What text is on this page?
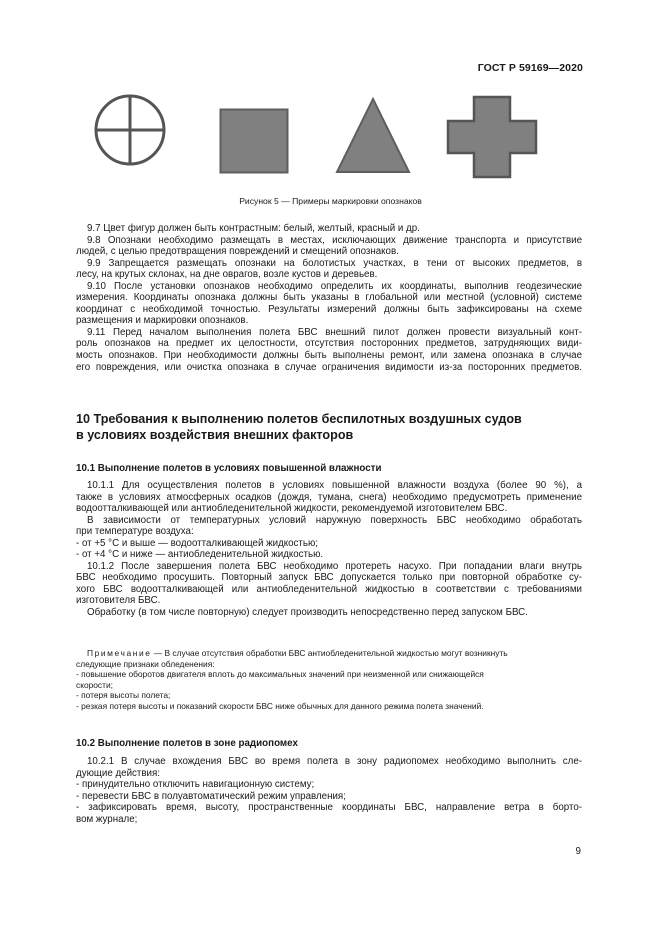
ГОСТ Р 59169—2020
Рисунок 5 — Примеры маркировки опознаков
9.7 Цвет фигур должен быть контрастным: белый, желтый, красный и др.
9.8 Опознаки необходимо размещать в местах, исключающих движение транспорта и присутствие
людей, с целью предотвращения повреждений и смещений опознаков.
9.9 Запрещается размещать опознаки на болотистых участках, в тени от высоких предметов, в
лесу, на крутых склонах, на дне оврагов, возле кустов и деревьев.
9.10 После установки опознаков необходимо определить их координаты, выполнив геодезические
измерения. Координаты опознака должны быть указаны в глобальной или местной (условной) системе
координат с необходимой точностью. Результаты измерений должны быть зафиксированы на схеме
размещения и маркировки опознаков.
9.11 Перед началом выполнения полета БВС внешний пилот должен провести визуальный конт-
роль опознаков на предмет их целостности, отсутствия посторонних предметов, затрудняющих види-
мость опознаков. При необходимости должны быть выполнены ремонт, или замена опознака в случае
его повреждения, или очистка опознака в случае ограничения видимости из-за посторонних предметов.
10 Требования к выполнению полетов беспилотных воздушных судов
в условиях воздействия внешних факторов
10.1 Выполнение полетов в условиях повышенной влажности
10.1.1 Для осуществления полетов в условиях повышенной влажности воздуха (более 90 %), а
также в условиях атмосферных осадков (дождя, тумана, снега) необходимо предусмотреть применение
водоотталкивающей или антиобледенительной жидкости, рекомендуемой изготовителем БВС.
В зависимости от температурных условий наружную поверхность БВС необходимо обработать
при температуре воздуха:
- от +5 °С и выше — водоотталкивающей жидкостью;
- от +4 °С и ниже — антиобледенительной жидкостью.
10.1.2 После завершения полета БВС необходимо протереть насухо. При попадании влаги внутрь
БВС необходимо просушить. Повторный запуск БВС допускается только при повторной обработке су-
хого БВС водоотталкивающей или антиобледенительной жидкостью в соответствии с требованиями
изготовителя БВС.
Обработку (в том числе повторную) следует производить непосредственно перед запуском БВС.
Примечание — В случае отсутствия обработки БВС антиобледенительной жидкостью могут возникнуть
следующие признаки обледенения:
- повышение оборотов двигателя вплоть до максимальных значений при неизменной или снижающейся
скорости;
- потеря высоты полета;
- резкая потеря высоты и показаний скорости БВС ниже обычных для данного режима полета значений.
10.2 Выполнение полетов в зоне радиопомех
10.2.1 В случае вхождения БВС во время полета в зону радиопомех необходимо выполнить сле-
дующие действия:
- принудительно отключить навигационную систему;
- перевести БВС в полуавтоматический режим управления;
- зафиксировать время, высоту, пространственные координаты БВС, направление ветра в борто-
вом журнале;
9
